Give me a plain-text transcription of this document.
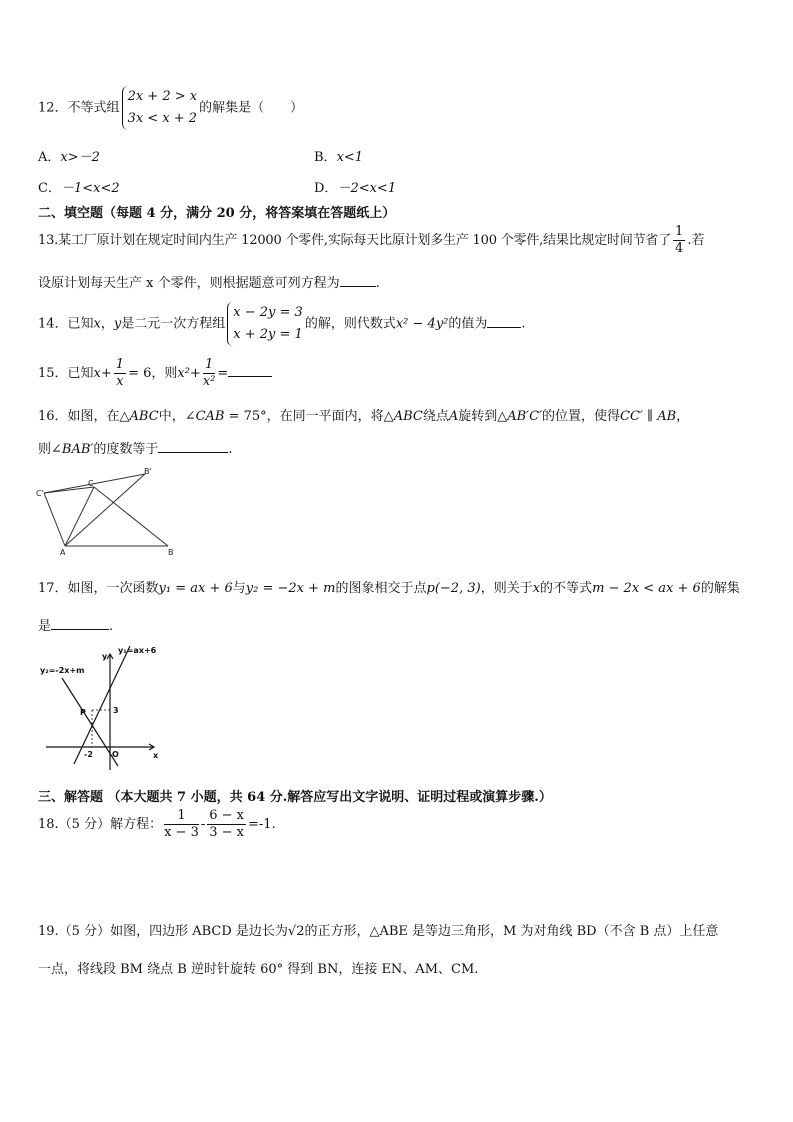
12．不等式组2x + 2 > x
3x < x + 2的解集是（　　）
A．x>－2	B．x<1
C．－1<x<2	D．－2<x<1
二、填空题（每题 4 分，满分 20 分，将答案填在答题纸上）
13.某工厂原计划在规定时间内生产 12000 个零件,实际每天比原计划多生产 100 个零件,结果比规定时间节省了 $\frac{1}{4}$ .若
设原计划每天生产 x 个零件，则根据题意可列方程为	.
14．已知x，y是二元一次方程组x − 2y = 3
x + 2y = 1的解，则代数式x² − 4y²的值为	.
15．已知$x+ \frac{1}{x} = 6$，则$x^2+ \frac{1}{\text{x²}}$ =
16．如图，在△ABC中，∠CAB = 75°，在同一平面内，将△ABC绕点A旋转到△AB′C′的位置，使得CC′ ∥ AB，
则∠BAB′的度数等于	.
C'
C
B'
A	B
17．如图，一次函数y₁ = ax + 6与y₂ = −2x + m的图象相交于点p(−2, 3)，则关于x的不等式m − 2x < ax + 6的解集
是	.
y₁=ax+6
y₂=-2x+m
y
x
P	3
-2 O
三、解答题 （本大题共 7 小题，共 64 分.解答应写出文字说明、证明过程或演算步骤.）
18.（5 分）解方程： $\frac{1}{x - 3} - \frac{6 - x}{3 - x} =-1$.
19.（5 分）如图，四边形 ABCD 是边长为√2的正方形，△ABE 是等边三角形，M 为对角线 BD（不含 B 点）上任意
一点，将线段 BM 绕点 B 逆时针旋转 60° 得到 BN，连接 EN、AM、CM.
